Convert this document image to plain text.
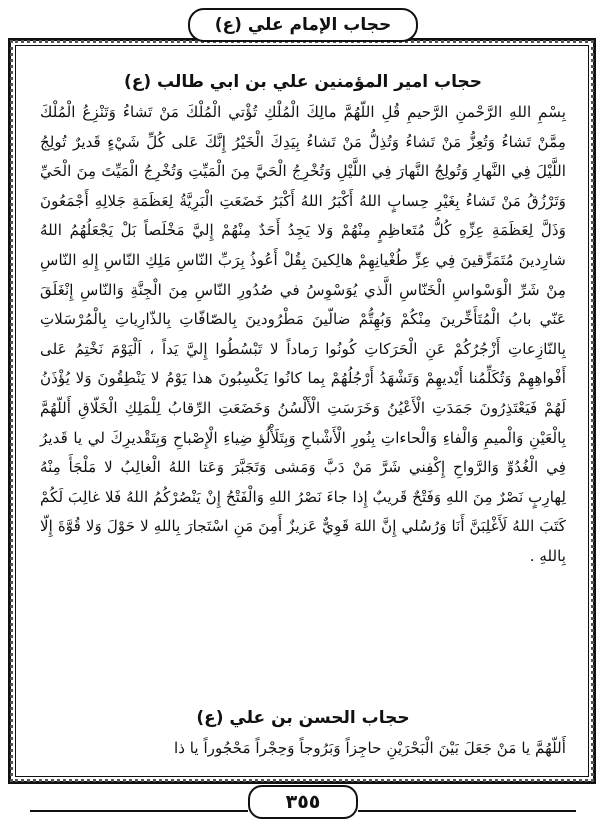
حجاب الإمام علي (ع)
حجاب امير المؤمنين علي بن ابي طالب (ع)

بِسْمِ اللهِ الرَّحْمنِ الرَّحيمِ قُلِ اللّهُمَّ مالِكَ الْمُلْكِ تُؤْتي الْمُلْكَ مَنْ تَشاءُ وَتَنْزِعُ الْمُلْكَ مِمَّنْ تَشاءُ وَتُعِزُّ مَنْ تَشاءُ وَتُذِلُّ مَنْ تَشاءُ بِيَدِكَ الْخَيْرُ إِنَّكَ عَلى كُلِّ شَيْءٍ قَديرٌ تُولِجُ اللَّيْلَ فِي النَّهارِ وَتُولِجُ النَّهارَ فِي اللَّيْلِ وَتُخْرِجُ الْحَيَّ مِنَ الْمَيِّتِ وَتُخْرِجُ الْمَيِّتَ مِنَ الْحَيِّ وَتَرْزُقُ مَنْ تَشاءُ بِغَيْرِ حِسابٍ اللهُ أَكْبَرُ اللهُ أَكْبَرُ خَضَعَتِ الْبَرِيَّةُ لِعَظَمَةِ جَلالِهِ أَجْمَعُونَ وَذَلَّ لِعَظَمَةِ عِزِّهِ كُلُّ مُتَعاظِمٍ مِنْهُمْ وَلا يَجِدُ أَحَدٌ مِنْهُمْ إِليَّ مَخْلَصاً بَلْ يَجْعَلُهُمُ اللهُ شارِدينَ مُتَمَزِّقينَ فِي عِزِّ طُغْيانِهِمْ هالِكينَ بِقُلْ أَعُوذُ بِرَبِّ النّاسِ مَلِكِ النّاسِ إِلهِ النّاسِ مِنْ شَرِّ الْوَسْواسِ الْخَنّاسِ الَّذي يُوَسْوِسُ في صُدُورِ النّاسِ مِنَ الْجِنَّةِ وَالنّاسِ إِنْغَلَقَ عَنّي بابُ الْمُتَأَخِّرينَ مِنْكُمْ وَبُهِتُّمْ ضالّينَ مَطْرُودينَ بِالصّافّاتِ بِالذّارِياتِ بِالْمُرْسَلاتِ بِالنّازِعاتِ أَزْجُرُكُمْ عَنِ الْحَرَكاتِ كُونُوا رَماداً لا تَبْسُطُوا إِليَّ يَداً ، اَلْيَوْمَ نَخْتِمُ عَلى أَفْواهِهِمْ وَتُكَلِّمُنا أَيْديهِمْ وَتَشْهَدُ أَرْجُلُهُمْ بِما كانُوا يَكْسِبُونَ هذا يَوْمُ لا يَنْطِقُونَ وَلا يُؤْذَنُ لَهُمْ فَيَعْتَذِرُونَ جَمَدَتِ الْأَعْيُنُ وَخَرَسَتِ الْأَلْسُنُ وَخَضَعَتِ الرِّقابُ لِلْمَلِكِ الْخَلّاقِ أَللّهُمَّ بِالْعَيْنِ وَالْميمِ وَالْفاءِ وَالْحاءاتِ بِنُورِ الْأَشْباحِ وَبِتَلَأْلُؤِ ضِياءِ الْإِصْباحِ وَبِتَقْديرِكَ لي يا قَديرُ فِي الْغُدُوِّ وَالرَّواحِ إِكْفِني شَرَّ مَنْ دَبَّ وَمَشى وَتَجَبَّرَ وَعَتا اللهُ الْغالِبُ لا مَلْجَأَ مِنْهُ لِهارِبٍ نَصْرٌ مِنَ اللهِ وَفَتْحٌ قَريبٌ إِذا جاءَ نَصْرُ اللهِ وَالْفَتْحُ إِنْ يَنْصُرْكُمُ اللهُ فَلا غالِبَ لَكُمْ كَتَبَ اللهُ لَأَغْلِبَنَّ أَنَا وَرُسُلي إِنَّ اللهَ قَوِيٌّ عَزيزٌ أَمِنَ مَنِ اسْتَجارَ بِاللهِ لا حَوْلَ وَلا قُوَّةَ إِلّا بِاللهِ .

حجاب الحسن بن علي (ع)

أَللّهُمَّ يا مَنْ جَعَلَ بَيْنَ الْبَحْرَيْنِ حاجِزاً وَبَرُوجاً وَحِجْراً مَحْجُوراً يا ذا

٣٥٥
